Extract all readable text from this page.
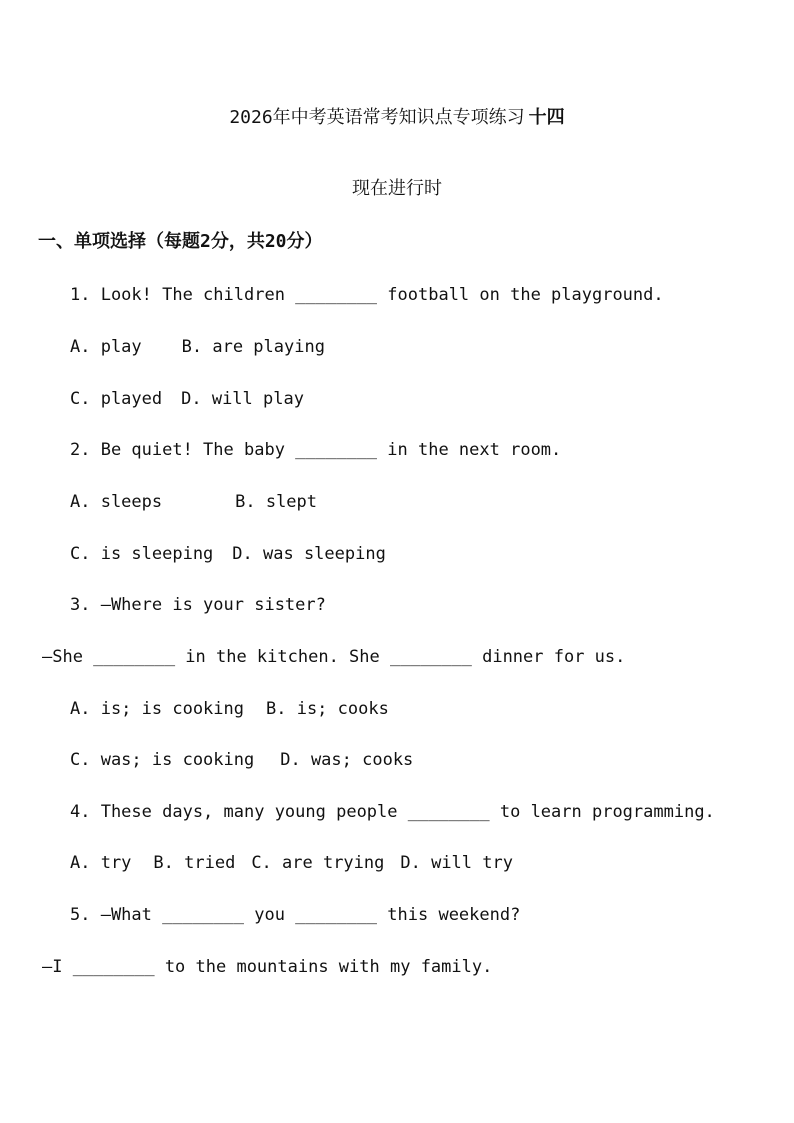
2026年中考英语常考知识点专项练习 十四
现在进行时
一、单项选择（每题2分，共20分）
1. Look! The children ________ football on the playground.
A. play B. are playing
C. played D. will play
2. Be quiet! The baby ________ in the next room.
A. sleeps	B. slept
C. is sleeping D. was sleeping
3. —Where is your sister?
—She ________ in the kitchen. She ________ dinner for us.
A. is; is cooking B. is; cooks
C. was; is cooking D. was; cooks
4. These days, many young people ________ to learn programming.
A. try B. tried C. are trying D. will try
5. —What ________ you ________ this weekend?
—I ________ to the mountains with my family.
